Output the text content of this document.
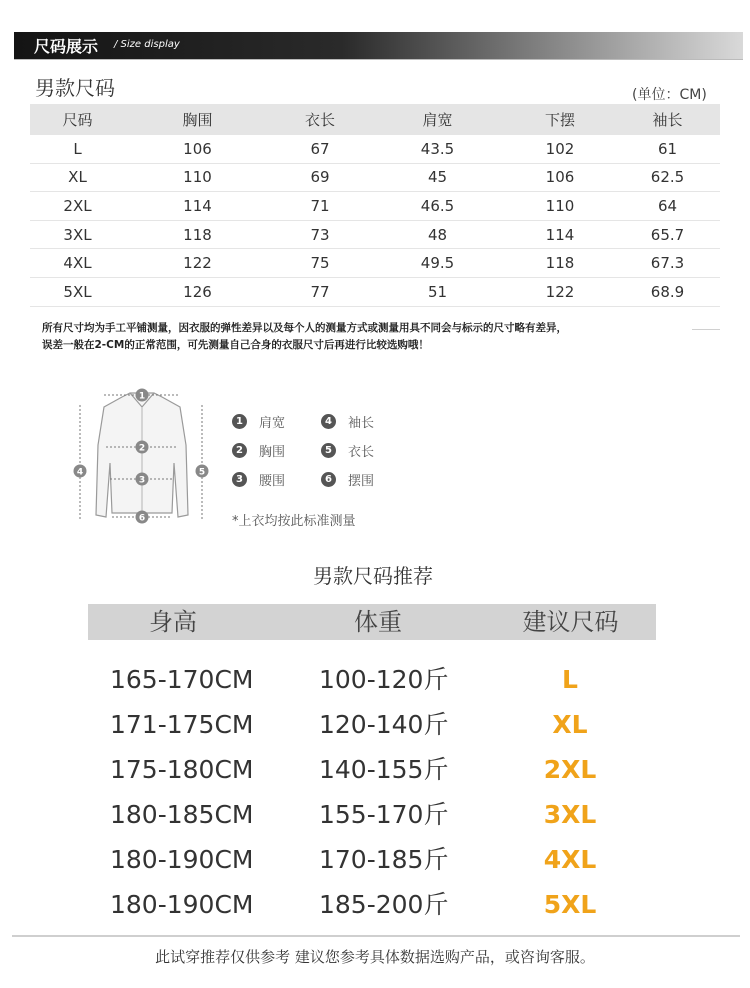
尺码展示 / Size display
男款尺码	(单位：CM)
尺码	胸围	衣长	肩宽	下摆	袖长
L	106	67	43.5	102	61
XL	110	69	45	106	62.5
2XL	114	71	46.5	110	64
3XL	118	73	48	114	65.7
4XL	122	75	49.5	118	67.3
5XL	126	77	51	122	68.9
所有尺寸均为手工平铺测量，因衣服的弹性差异以及每个人的测量方式或测量用具不同会与标示的尺寸略有差异，
误差一般在2-CM的正常范围，可先测量自己合身的衣服尺寸后再进行比较选购哦！
1
2
3
4	5
6
1	肩宽
2	胸围
3	腰围
4	袖长
5	衣长
6	摆围
*上衣均按此标准测量
男款尺码推荐
身高	体重	建议尺码
165-170CM	100-120斤	L
171-175CM	120-140斤	XL
175-180CM	140-155斤	2XL
180-185CM	155-170斤	3XL
180-190CM	170-185斤	4XL
180-190CM	185-200斤	5XL
此试穿推荐仅供参考 建议您参考具体数据选购产品，或咨询客服。
